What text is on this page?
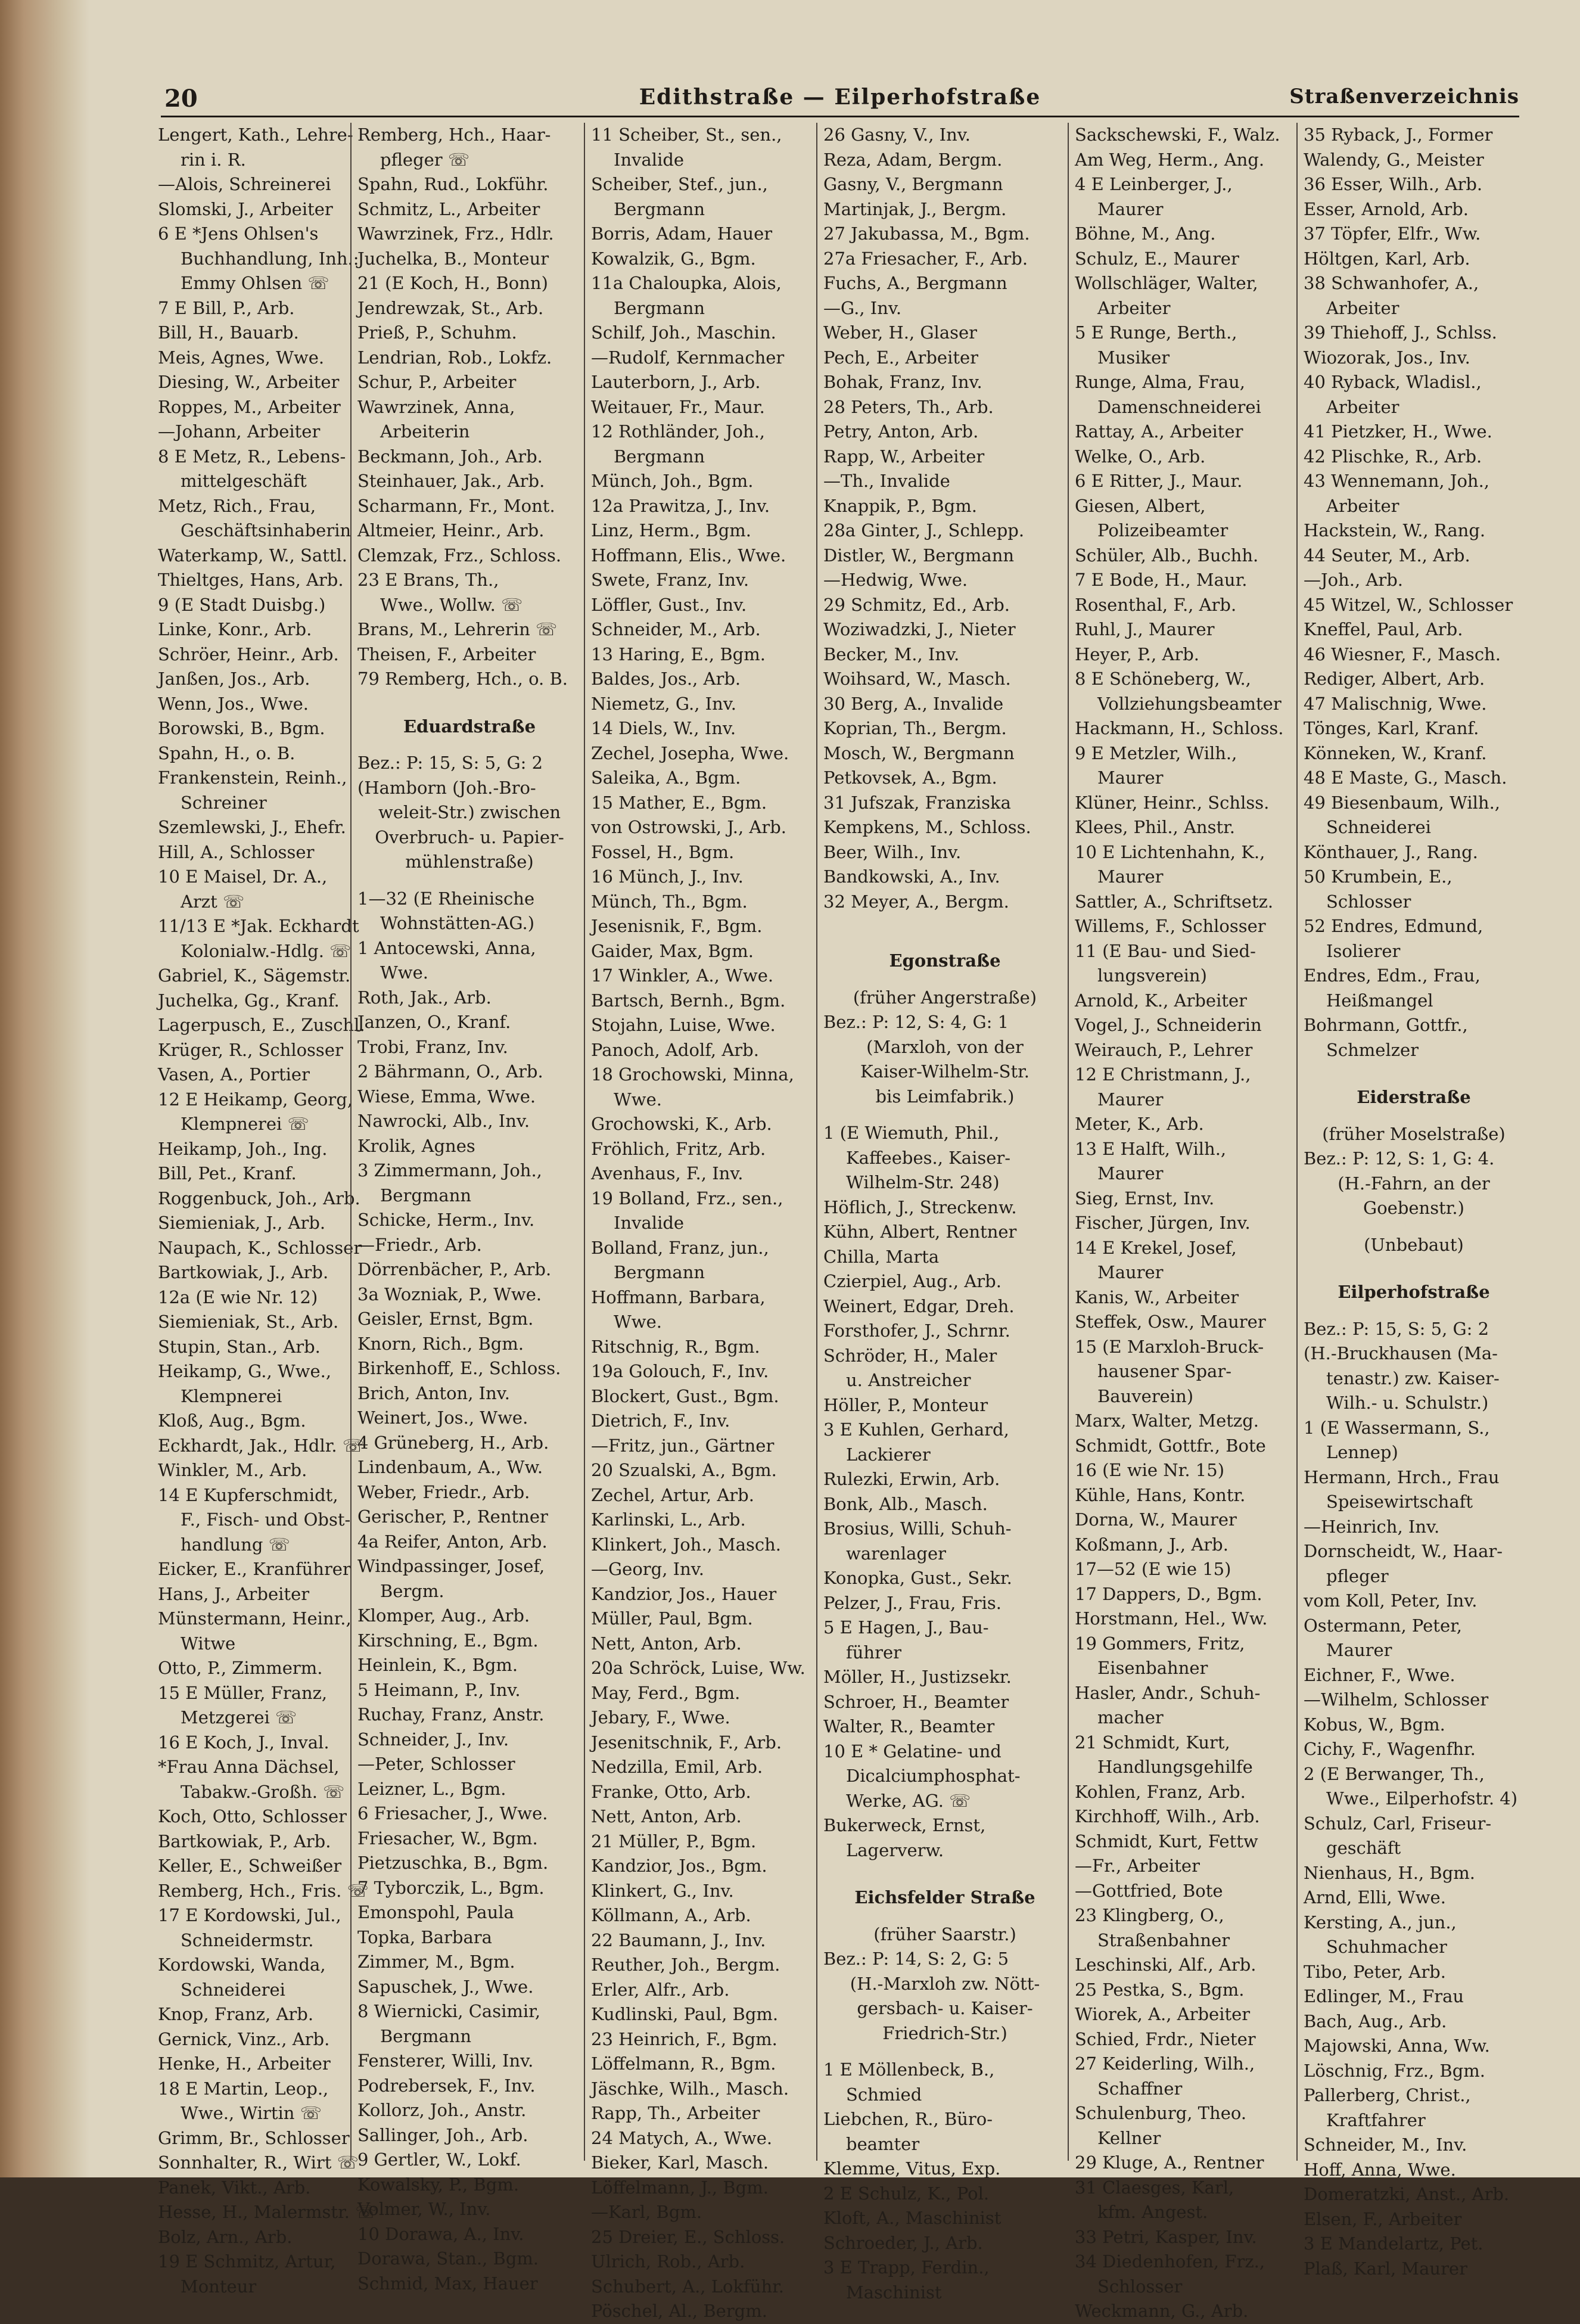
20	Edithstraße — Eilperhofstraße	Straßenverzeichnis
Lengert, Kath., Lehre-
rin i. R.
—Alois, Schreinerei
Slomski, J., Arbeiter
6 E *Jens Ohlsen's
Buchhandlung, Inh.:
Emmy Ohlsen ☏
7 E Bill, P., Arb.
Bill, H., Bauarb.
Meis, Agnes, Wwe.
Diesing, W., Arbeiter
Roppes, M., Arbeiter
—Johann, Arbeiter
8 E Metz, R., Lebens-
mittelgeschäft
Metz, Rich., Frau,
Geschäftsinhaberin
Waterkamp, W., Sattl.
Thieltges, Hans, Arb.
9 (E Stadt Duisbg.)
Linke, Konr., Arb.
Schröer, Heinr., Arb.
Janßen, Jos., Arb.
Wenn, Jos., Wwe.
Borowski, B., Bgm.
Spahn, H., o. B.
Frankenstein, Reinh.,
Schreiner
Szemlewski, J., Ehefr.
Hill, A., Schlosser
10 E Maisel, Dr. A.,
Arzt ☏
11/13 E *Jak. Eckhardt
Kolonialw.-Hdlg. ☏
Gabriel, K., Sägemstr.
Juchelka, Gg., Kranf.
Lagerpusch, E., Zuschl.
Krüger, R., Schlosser
Vasen, A., Portier
12 E Heikamp, Georg,
Klempnerei ☏
Heikamp, Joh., Ing.
Bill, Pet., Kranf.
Roggenbuck, Joh., Arb.
Siemieniak, J., Arb.
Naupach, K., Schlosser
Bartkowiak, J., Arb.
12a (E wie Nr. 12)
Siemieniak, St., Arb.
Stupin, Stan., Arb.
Heikamp, G., Wwe.,
Klempnerei
Kloß, Aug., Bgm.
Eckhardt, Jak., Hdlr. ☏
Winkler, M., Arb.
14 E Kupferschmidt,
F., Fisch- und Obst-
handlung ☏
Eicker, E., Kranführer
Hans, J., Arbeiter
Münstermann, Heinr.,
Witwe
Otto, P., Zimmerm.
15 E Müller, Franz,
Metzgerei ☏
16 E Koch, J., Inval.
*Frau Anna Dächsel,
Tabakw.-Großh. ☏
Koch, Otto, Schlosser
Bartkowiak, P., Arb.
Keller, E., Schweißer
Remberg, Hch., Fris. ☏
17 E Kordowski, Jul.,
Schneidermstr.
Kordowski, Wanda,
Schneiderei
Knop, Franz, Arb.
Gernick, Vinz., Arb.
Henke, H., Arbeiter
18 E Martin, Leop.,
Wwe., Wirtin ☏
Grimm, Br., Schlosser
Sonnhalter, R., Wirt ☏
Panek, Vikt., Arb.
Hesse, H., Malermstr. ☏
Bolz, Arn., Arb.
19 E Schmitz, Artur,
Monteur
Remberg, Hch., Haar-
pfleger ☏
Spahn, Rud., Lokführ.
Schmitz, L., Arbeiter
Wawrzinek, Frz., Hdlr.
Juchelka, B., Monteur
21 (E Koch, H., Bonn)
Jendrewzak, St., Arb.
Prieß, P., Schuhm.
Lendrian, Rob., Lokfz.
Schur, P., Arbeiter
Wawrzinek, Anna,
Arbeiterin
Beckmann, Joh., Arb.
Steinhauer, Jak., Arb.
Scharmann, Fr., Mont.
Altmeier, Heinr., Arb.
Clemzak, Frz., Schloss.
23 E Brans, Th.,
Wwe., Wollw. ☏
Brans, M., Lehrerin ☏
Theisen, F., Arbeiter
79 Remberg, Hch., o. B.
Eduardstraße
Bez.: P: 15, S: 5, G: 2
(Hamborn (Joh.-Bro-
weleit-Str.) zwischen
Overbruch- u. Papier-
mühlenstraße)
1—32 (E Rheinische
Wohnstätten-AG.)
1 Antocewski, Anna,
Wwe.
Roth, Jak., Arb.
Janzen, O., Kranf.
Trobi, Franz, Inv.
2 Bährmann, O., Arb.
Wiese, Emma, Wwe.
Nawrocki, Alb., Inv.
Krolik, Agnes
3 Zimmermann, Joh.,
Bergmann
Schicke, Herm., Inv.
—Friedr., Arb.
Dörrenbächer, P., Arb.
3a Wozniak, P., Wwe.
Geisler, Ernst, Bgm.
Knorn, Rich., Bgm.
Birkenhoff, E., Schloss.
Brich, Anton, Inv.
Weinert, Jos., Wwe.
4 Grüneberg, H., Arb.
Lindenbaum, A., Ww.
Weber, Friedr., Arb.
Gerischer, P., Rentner
4a Reifer, Anton, Arb.
Windpassinger, Josef,
Bergm.
Klomper, Aug., Arb.
Kirschning, E., Bgm.
Heinlein, K., Bgm.
5 Heimann, P., Inv.
Ruchay, Franz, Anstr.
Schneider, J., Inv.
—Peter, Schlosser
Leizner, L., Bgm.
6 Friesacher, J., Wwe.
Friesacher, W., Bgm.
Pietzuschka, B., Bgm.
7 Tyborczik, L., Bgm.
Emonspohl, Paula
Topka, Barbara
Zimmer, M., Bgm.
Sapuschek, J., Wwe.
8 Wiernicki, Casimir,
Bergmann
Fensterer, Willi, Inv.
Podrebersek, F., Inv.
Kollorz, Joh., Anstr.
Sallinger, Joh., Arb.
9 Gertler, W., Lokf.
Kowalsky, P., Bgm.
Volmer, W., Inv.
10 Dorawa, A., Inv.
Dorawa, Stan., Bgm.
Schmid, Max, Hauer
11 Scheiber, St., sen.,
Invalide
Scheiber, Stef., jun.,
Bergmann
Borris, Adam, Hauer
Kowalzik, G., Bgm.
11a Chaloupka, Alois,
Bergmann
Schilf, Joh., Maschin.
—Rudolf, Kernmacher
Lauterborn, J., Arb.
Weitauer, Fr., Maur.
12 Rothländer, Joh.,
Bergmann
Münch, Joh., Bgm.
12a Prawitza, J., Inv.
Linz, Herm., Bgm.
Hoffmann, Elis., Wwe.
Swete, Franz, Inv.
Löffler, Gust., Inv.
Schneider, M., Arb.
13 Haring, E., Bgm.
Baldes, Jos., Arb.
Niemetz, G., Inv.
14 Diels, W., Inv.
Zechel, Josepha, Wwe.
Saleika, A., Bgm.
15 Mather, E., Bgm.
von Ostrowski, J., Arb.
Fossel, H., Bgm.
16 Münch, J., Inv.
Münch, Th., Bgm.
Jesenisnik, F., Bgm.
Gaider, Max, Bgm.
17 Winkler, A., Wwe.
Bartsch, Bernh., Bgm.
Stojahn, Luise, Wwe.
Panoch, Adolf, Arb.
18 Grochowski, Minna,
Wwe.
Grochowski, K., Arb.
Fröhlich, Fritz, Arb.
Avenhaus, F., Inv.
19 Bolland, Frz., sen.,
Invalide
Bolland, Franz, jun.,
Bergmann
Hoffmann, Barbara,
Wwe.
Ritschnig, R., Bgm.
19a Golouch, F., Inv.
Blockert, Gust., Bgm.
Dietrich, F., Inv.
—Fritz, jun., Gärtner
20 Szualski, A., Bgm.
Zechel, Artur, Arb.
Karlinski, L., Arb.
Klinkert, Joh., Masch.
—Georg, Inv.
Kandzior, Jos., Hauer
Müller, Paul, Bgm.
Nett, Anton, Arb.
20a Schröck, Luise, Ww.
May, Ferd., Bgm.
Jebary, F., Wwe.
Jesenitschnik, F., Arb.
Nedzilla, Emil, Arb.
Franke, Otto, Arb.
Nett, Anton, Arb.
21 Müller, P., Bgm.
Kandzior, Jos., Bgm.
Klinkert, G., Inv.
Köllmann, A., Arb.
22 Baumann, J., Inv.
Reuther, Joh., Bergm.
Erler, Alfr., Arb.
Kudlinski, Paul, Bgm.
23 Heinrich, F., Bgm.
Löffelmann, R., Bgm.
Jäschke, Wilh., Masch.
Rapp, Th., Arbeiter
24 Matych, A., Wwe.
Bieker, Karl, Masch.
Löffelmann, J., Bgm.
—Karl, Bgm.
25 Dreier, E., Schloss.
Ulrich, Rob., Arb.
Schubert, A., Lokführ.
Pöschel, Al., Bergm.
26 Gasny, V., Inv.
Reza, Adam, Bergm.
Gasny, V., Bergmann
Martinjak, J., Bergm.
27 Jakubassa, M., Bgm.
27a Friesacher, F., Arb.
Fuchs, A., Bergmann
—G., Inv.
Weber, H., Glaser
Pech, E., Arbeiter
Bohak, Franz, Inv.
28 Peters, Th., Arb.
Petry, Anton, Arb.
Rapp, W., Arbeiter
—Th., Invalide
Knappik, P., Bgm.
28a Ginter, J., Schlepp.
Distler, W., Bergmann
—Hedwig, Wwe.
29 Schmitz, Ed., Arb.
Woziwadzki, J., Nieter
Becker, M., Inv.
Woihsard, W., Masch.
30 Berg, A., Invalide
Koprian, Th., Bergm.
Mosch, W., Bergmann
Petkovsek, A., Bgm.
31 Jufszak, Franziska
Kempkens, M., Schloss.
Beer, Wilh., Inv.
Bandkowski, A., Inv.
32 Meyer, A., Bergm.
Egonstraße
(früher Angerstraße)
Bez.: P: 12, S: 4, G: 1
(Marxloh, von der
Kaiser-Wilhelm-Str.
bis Leimfabrik.)
1 (E Wiemuth, Phil.,
Kaffeebes., Kaiser-
Wilhelm-Str. 248)
Höflich, J., Streckenw.
Kühn, Albert, Rentner
Chilla, Marta
Czierpiel, Aug., Arb.
Weinert, Edgar, Dreh.
Forsthofer, J., Schrnr.
Schröder, H., Maler
u. Anstreicher
Höller, P., Monteur
3 E Kuhlen, Gerhard,
Lackierer
Rulezki, Erwin, Arb.
Bonk, Alb., Masch.
Brosius, Willi, Schuh-
warenlager
Konopka, Gust., Sekr.
Pelzer, J., Frau, Fris.
5 E Hagen, J., Bau-
führer
Möller, H., Justizsekr.
Schroer, H., Beamter
Walter, R., Beamter
10 E * Gelatine- und
Dicalciumphosphat-
Werke, AG. ☏
Bukerweck, Ernst,
Lagerverw.
Eichsfelder Straße
(früher Saarstr.)
Bez.: P: 14, S: 2, G: 5
(H.-Marxloh zw. Nött-
gersbach- u. Kaiser-
Friedrich-Str.)
1 E Möllenbeck, B.,
Schmied
Liebchen, R., Büro-
beamter
Klemme, Vitus, Exp.
2 E Schulz, K., Pol.
Kloft, A., Maschinist
Schroeder, J., Arb.
3 E Trapp, Ferdin.,
Maschinist
Sackschewski, F., Walz.
Am Weg, Herm., Ang.
4 E Leinberger, J.,
Maurer
Böhne, M., Ang.
Schulz, E., Maurer
Wollschläger, Walter,
Arbeiter
5 E Runge, Berth.,
Musiker
Runge, Alma, Frau,
Damenschneiderei
Rattay, A., Arbeiter
Welke, O., Arb.
6 E Ritter, J., Maur.
Giesen, Albert,
Polizeibeamter
Schüler, Alb., Buchh.
7 E Bode, H., Maur.
Rosenthal, F., Arb.
Ruhl, J., Maurer
Heyer, P., Arb.
8 E Schöneberg, W.,
Vollziehungsbeamter
Hackmann, H., Schloss.
9 E Metzler, Wilh.,
Maurer
Klüner, Heinr., Schlss.
Klees, Phil., Anstr.
10 E Lichtenhahn, K.,
Maurer
Sattler, A., Schriftsetz.
Willems, F., Schlosser
11 (E Bau- und Sied-
lungsverein)
Arnold, K., Arbeiter
Vogel, J., Schneiderin
Weirauch, P., Lehrer
12 E Christmann, J.,
Maurer
Meter, K., Arb.
13 E Halft, Wilh.,
Maurer
Sieg, Ernst, Inv.
Fischer, Jürgen, Inv.
14 E Krekel, Josef,
Maurer
Kanis, W., Arbeiter
Steffek, Osw., Maurer
15 (E Marxloh-Bruck-
hausener Spar-
Bauverein)
Marx, Walter, Metzg.
Schmidt, Gottfr., Bote
16 (E wie Nr. 15)
Kühle, Hans, Kontr.
Dorna, W., Maurer
Koßmann, J., Arb.
17—52 (E wie 15)
17 Dappers, D., Bgm.
Horstmann, Hel., Ww.
19 Gommers, Fritz,
Eisenbahner
Hasler, Andr., Schuh-
macher
21 Schmidt, Kurt,
Handlungsgehilfe
Kohlen, Franz, Arb.
Kirchhoff, Wilh., Arb.
Schmidt, Kurt, Fettw
—Fr., Arbeiter
—Gottfried, Bote
23 Klingberg, O.,
Straßenbahner
Leschinski, Alf., Arb.
25 Pestka, S., Bgm.
Wiorek, A., Arbeiter
Schied, Frdr., Nieter
27 Keiderling, Wilh.,
Schaffner
Schulenburg, Theo.
Kellner
29 Kluge, A., Rentner
31 Claesges, Karl,
kfm. Angest.
33 Petri, Kasper, Inv.
34 Diedenhofen, Frz.,
Schlosser
Weckmann, G., Arb.
35 Ryback, J., Former
Walendy, G., Meister
36 Esser, Wilh., Arb.
Esser, Arnold, Arb.
37 Töpfer, Elfr., Ww.
Höltgen, Karl, Arb.
38 Schwanhofer, A.,
Arbeiter
39 Thiehoff, J., Schlss.
Wiozorak, Jos., Inv.
40 Ryback, Wladisl.,
Arbeiter
41 Pietzker, H., Wwe.
42 Plischke, R., Arb.
43 Wennemann, Joh.,
Arbeiter
Hackstein, W., Rang.
44 Seuter, M., Arb.
—Joh., Arb.
45 Witzel, W., Schlosser
Kneffel, Paul, Arb.
46 Wiesner, F., Masch.
Rediger, Albert, Arb.
47 Malischnig, Wwe.
Tönges, Karl, Kranf.
Könneken, W., Kranf.
48 E Maste, G., Masch.
49 Biesenbaum, Wilh.,
Schneiderei
Könthauer, J., Rang.
50 Krumbein, E.,
Schlosser
52 Endres, Edmund,
Isolierer
Endres, Edm., Frau,
Heißmangel
Bohrmann, Gottfr.,
Schmelzer
Eiderstraße
(früher Moselstraße)
Bez.: P: 12, S: 1, G: 4.
(H.-Fahrn, an der
Goebenstr.)
(Unbebaut)
Eilperhofstraße
Bez.: P: 15, S: 5, G: 2
(H.-Bruckhausen (Ma-
tenastr.) zw. Kaiser-
Wilh.- u. Schulstr.)
1 (E Wassermann, S.,
Lennep)
Hermann, Hrch., Frau
Speisewirtschaft
—Heinrich, Inv.
Dornscheidt, W., Haar-
pfleger
vom Koll, Peter, Inv.
Ostermann, Peter,
Maurer
Eichner, F., Wwe.
—Wilhelm, Schlosser
Kobus, W., Bgm.
Cichy, F., Wagenfhr.
2 (E Berwanger, Th.,
Wwe., Eilperhofstr. 4)
Schulz, Carl, Friseur-
geschäft
Nienhaus, H., Bgm.
Arnd, Elli, Wwe.
Kersting, A., jun.,
Schuhmacher
Tibo, Peter, Arb.
Edlinger, M., Frau
Bach, Aug., Arb.
Majowski, Anna, Ww.
Löschnig, Frz., Bgm.
Pallerberg, Christ.,
Kraftfahrer
Schneider, M., Inv.
Hoff, Anna, Wwe.
Domeratzki, Anst., Arb.
Elsen, F., Arbeiter
3 E Mandelartz, Pet.
Plaß, Karl, Maurer
